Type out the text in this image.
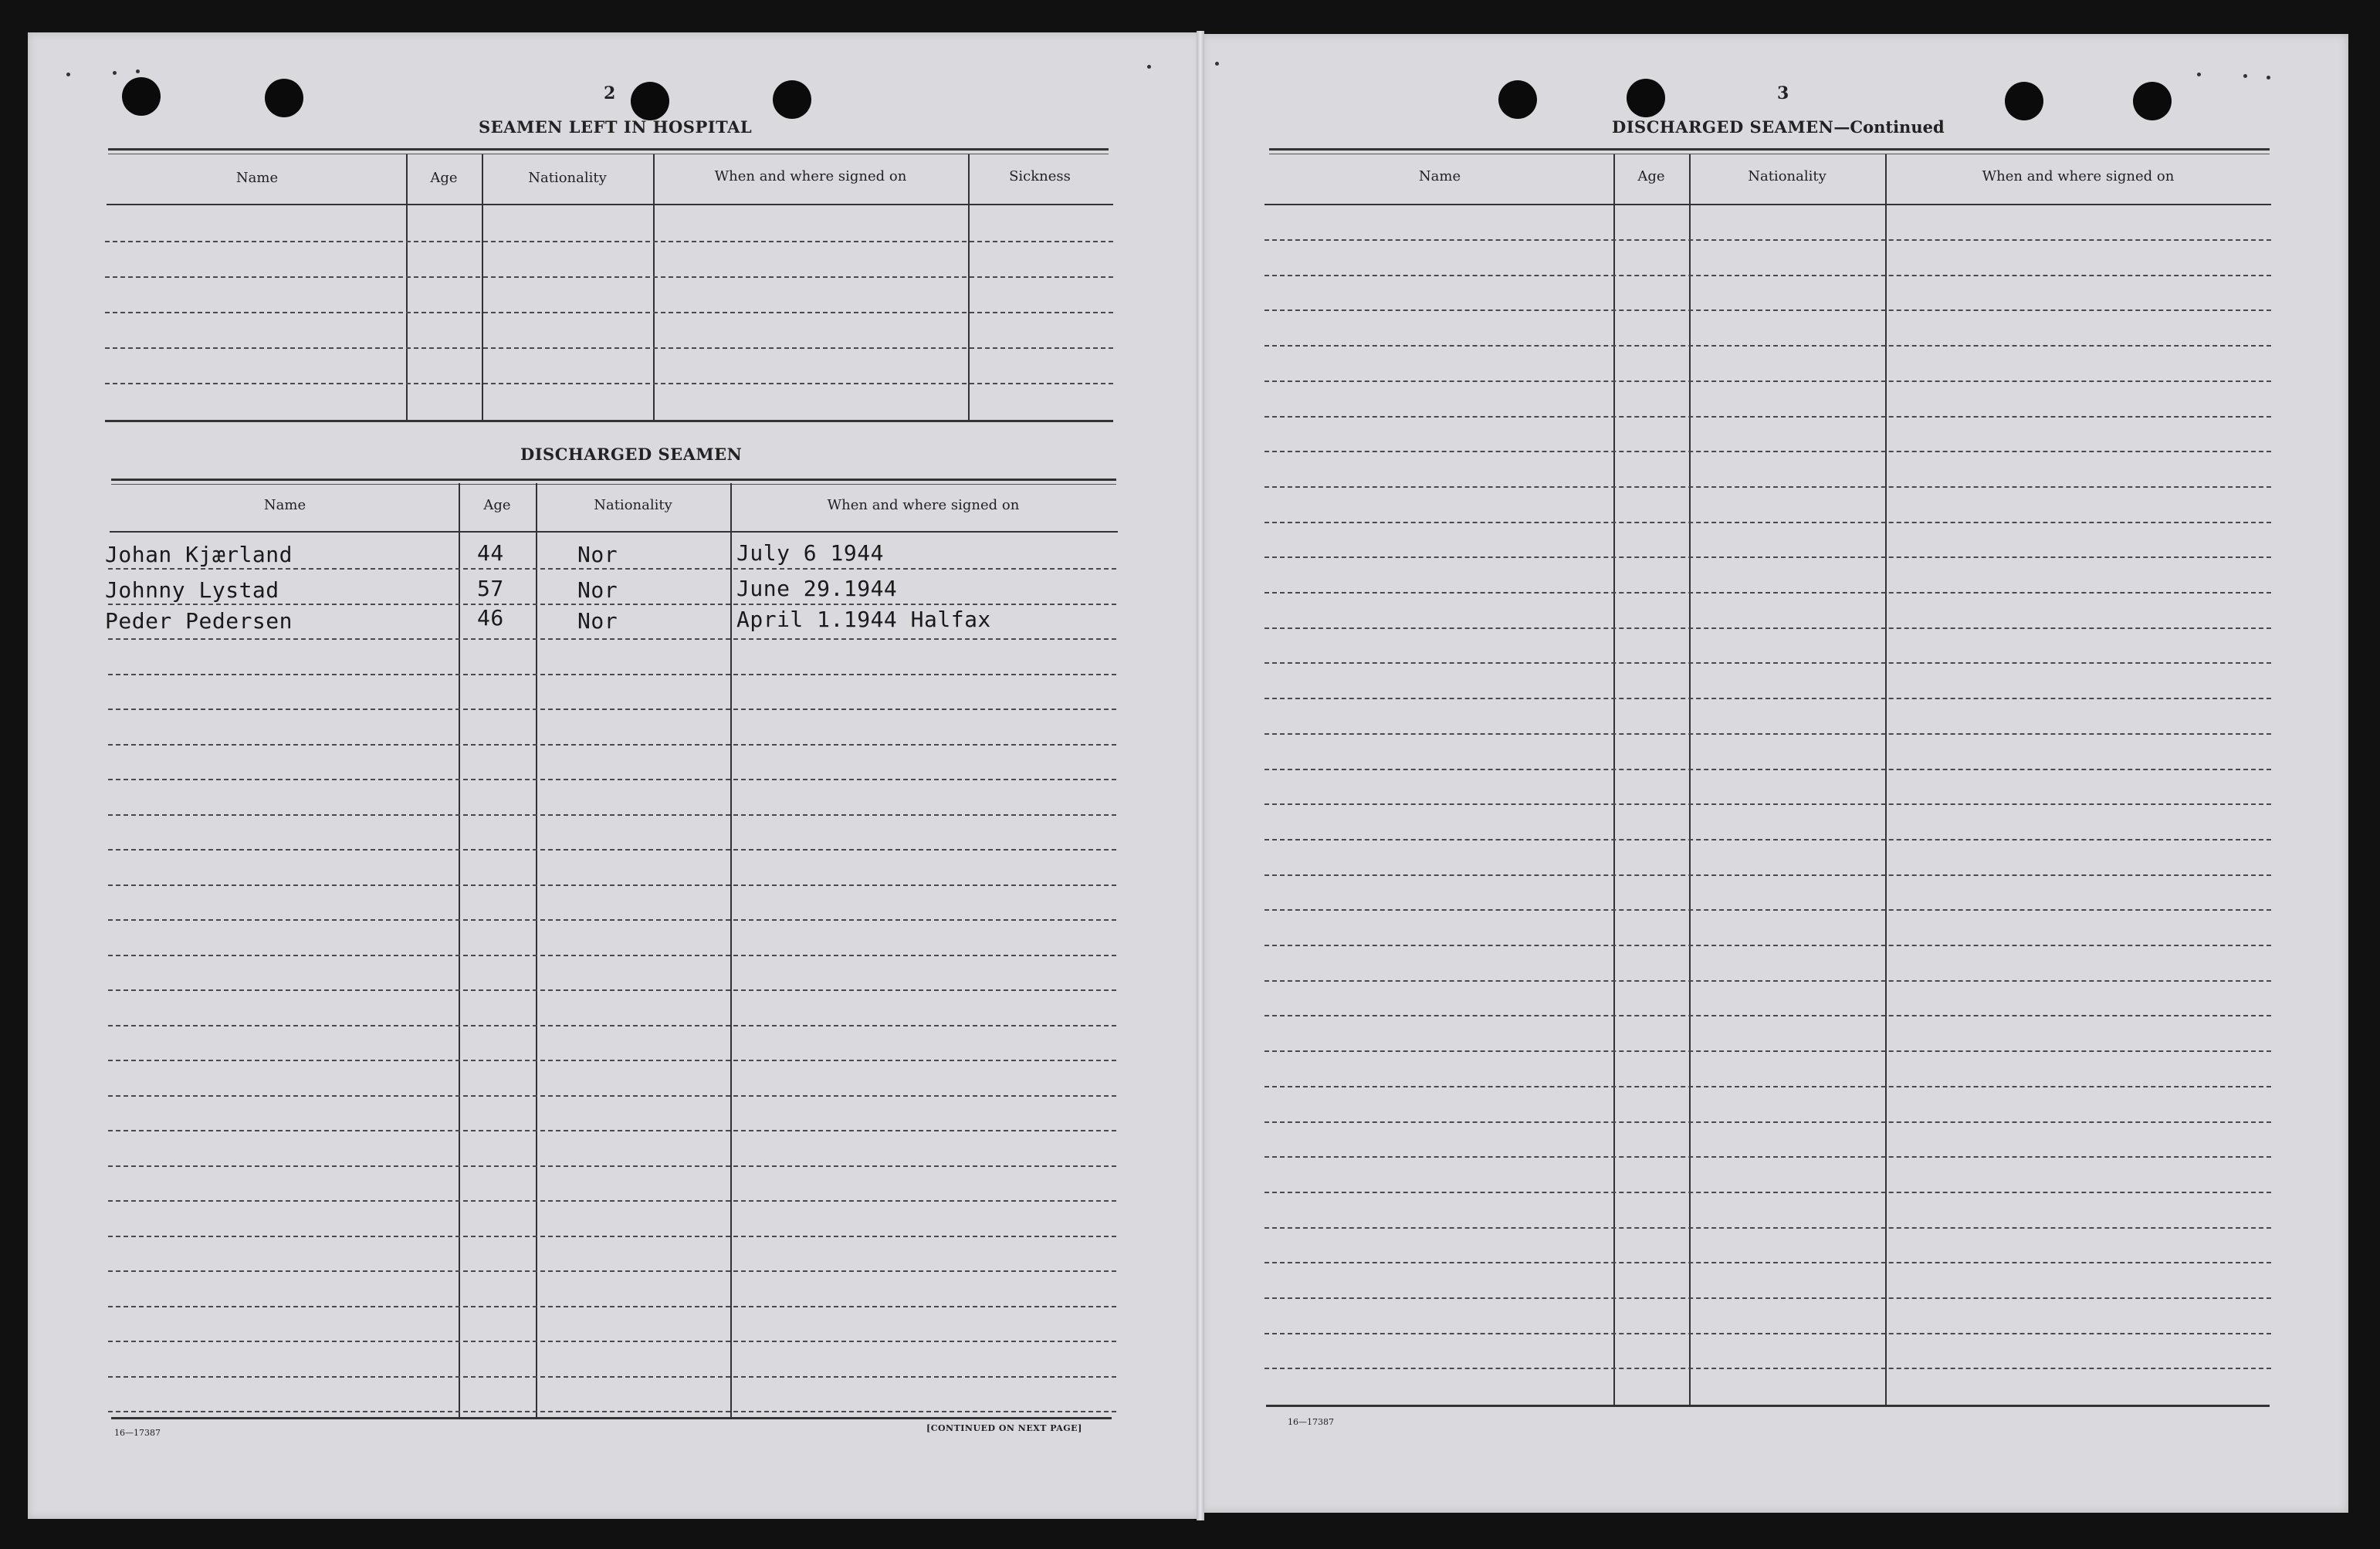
2
SEAMEN LEFT IN HOSPITAL
Name	Age	Nationality	When and where signed on	Sickness
DISCHARGED SEAMEN
Name	Age	Nationality	When and where signed on
Johan Kjærland	44	Nor	July 6 1944
Johnny Lystad	57	Nor	June 29.1944
Peder Pedersen	46	Nor	April 1.1944 Halfax
16—17387	[CONTINUED ON NEXT PAGE]
3
DISCHARGED SEAMEN—Continued
Name	Age	Nationality	When and where signed on
16—17387
